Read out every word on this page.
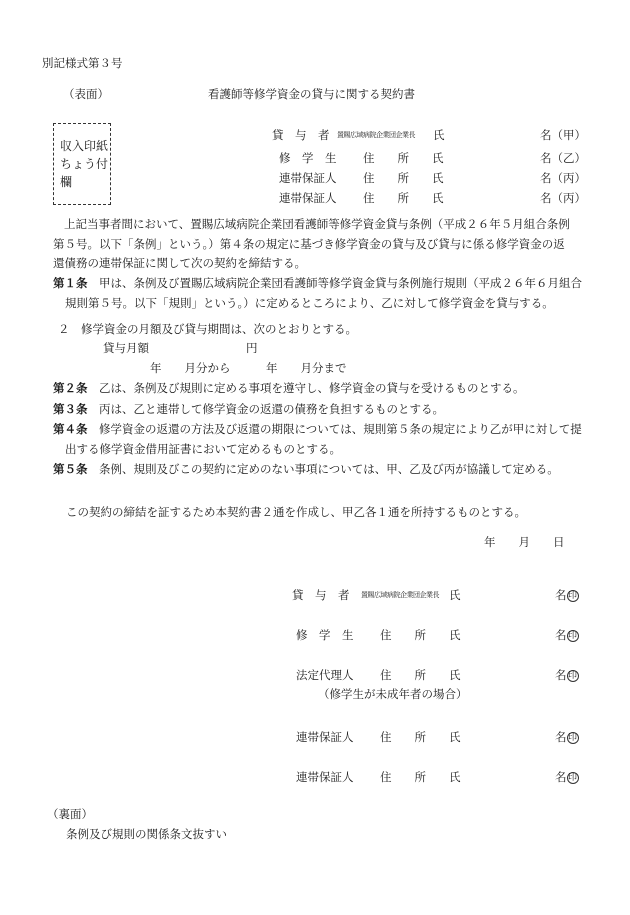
別記様式第３号
（表面）	看護師等修学資金の貸与に関する契約書
収入印紙ちょう付欄
貸　与　者 置賜広域病院企業団企業長 氏	名（甲）
修　学　生 住　　所　　氏	名（乙）
連帯保証人 住　　所　　氏	名（丙）
連帯保証人 住　　所　　氏	名（丙）
上記当事者間において、置賜広域病院企業団看護師等修学資金貸与条例（平成２６年５月組合条例第５号。以下「条例」という。）第４条の規定に基づき修学資金の貸与及び貸与に係る修学資金の返還債務の連帯保証に関して次の契約を締結する。
第１条　 甲は、条例及び置賜広域病院企業団看護師等修学資金貸与条例施行規則（平成２６年６月組合規則第５号。以下「規則」という。）に定めるところにより、乙に対して修学資金を貸与する。
２　修学資金の月額及び貸与期間は、次のとおりとする。
貸与月額	円
年　　月分から	年　　月分まで
第２条　 乙は、条例及び規則に定める事項を遵守し、修学資金の貸与を受けるものとする。
第３条　 丙は、乙と連帯して修学資金の返還の債務を負担するものとする。
第４条　 修学資金の返還の方法及び返還の期限については、規則第５条の規定により乙が甲に対して提出する修学資金借用証書において定めるものとする。
第５条　 条例、規則及びこの契約に定めのない事項については、甲、乙及び丙が協議して定める。
この契約の締結を証するため本契約書２通を作成し、甲乙各１通を所持するものとする。
年　　月　　日
貸　与　者 置賜広域病院企業団企業長 氏	名印
修　学　生 住　　所　　氏	名印
法定代理人 住　　所　　氏	名印
（修学生が未成年者の場合）
連帯保証人 住　　所　　氏	名印
連帯保証人 住　　所　　氏	名印
（裏面）
条例及び規則の関係条文抜すい
